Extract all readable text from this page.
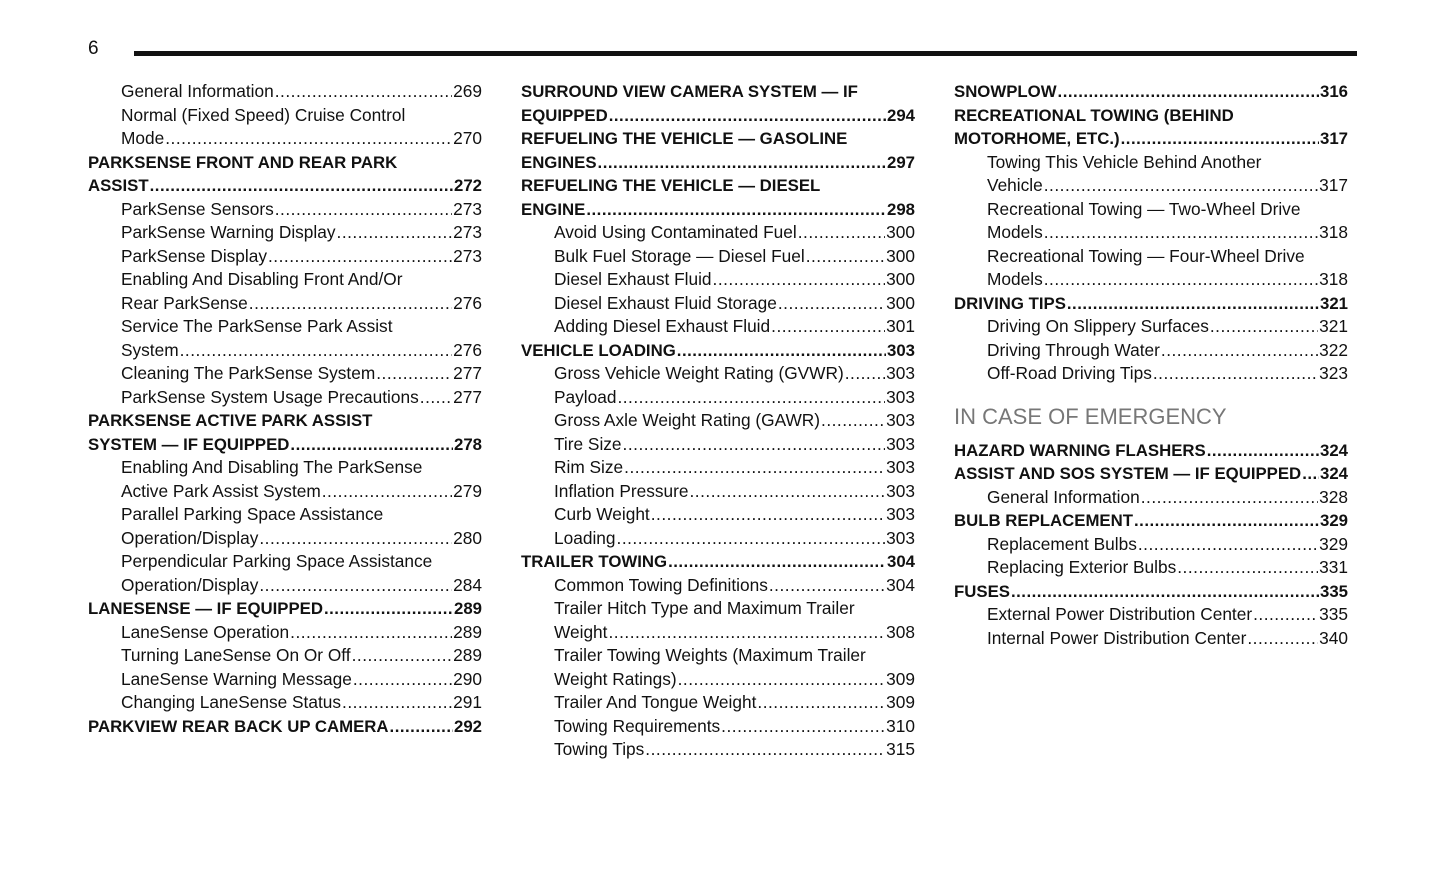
6
General Information .....	269
Normal (Fixed Speed) Cruise Control
Mode .....	270
PARKSENSE FRONT AND REAR PARK
ASSIST .....	272
ParkSense Sensors .....	273
ParkSense Warning Display .....	273
ParkSense Display .....	273
Enabling And Disabling Front And/Or
Rear ParkSense .....	276
Service The ParkSense Park Assist
System .....	276
Cleaning The ParkSense System .....	277
ParkSense System Usage Precautions ..... 277
PARKSENSE ACTIVE PARK ASSIST
SYSTEM — IF EQUIPPED .....	278
Enabling And Disabling The ParkSense
Active Park Assist System .....	279
Parallel Parking Space Assistance
Operation/Display .....	280
Perpendicular Parking Space Assistance
Operation/Display .....	284
LANESENSE — IF EQUIPPED .....	289
LaneSense Operation .....	289
Turning LaneSense On Or Off .....	289
LaneSense Warning Message .....	290
Changing LaneSense Status .....	291
PARKVIEW REAR BACK UP CAMERA .....	292
SURROUND VIEW CAMERA SYSTEM — IF
EQUIPPED .....	294
REFUELING THE VEHICLE — GASOLINE
ENGINES .....	297
REFUELING THE VEHICLE — DIESEL
ENGINE .....	298
Avoid Using Contaminated Fuel .....	300
Bulk Fuel Storage — Diesel Fuel .....	300
Diesel Exhaust Fluid .....	300
Diesel Exhaust Fluid Storage .....	300
Adding Diesel Exhaust Fluid .....	301
VEHICLE LOADING .....	303
Gross Vehicle Weight Rating (GVWR) ..... 303
Payload .....	303
Gross Axle Weight Rating (GAWR) .....	303
Tire Size .....	303
Rim Size .....	303
Inflation Pressure .....	303
Curb Weight .....	303
Loading .....	303
TRAILER TOWING .....	304
Common Towing Definitions .....	304
Trailer Hitch Type and Maximum Trailer
Weight .....	308
Trailer Towing Weights (Maximum Trailer
Weight Ratings) .....	309
Trailer And Tongue Weight .....	309
Towing Requirements .....	310
Towing Tips .....	315
SNOWPLOW .....	316
RECREATIONAL TOWING (BEHIND
MOTORHOME, ETC.) .....	317
Towing This Vehicle Behind Another
Vehicle .....	317
Recreational Towing — Two-Wheel Drive
Models .....	318
Recreational Towing — Four-Wheel Drive
Models .....	318
DRIVING TIPS .....	321
Driving On Slippery Surfaces .....	321
Driving Through Water .....	322
Off-Road Driving Tips .....	323
IN CASE OF EMERGENCY
HAZARD WARNING FLASHERS .....	324
ASSIST AND SOS SYSTEM — IF EQUIPPED ..... 324
General Information .....	328
BULB REPLACEMENT .....	329
Replacement Bulbs .....	329
Replacing Exterior Bulbs .....	331
FUSES .....	335
External Power Distribution Center .....	335
Internal Power Distribution Center .....	340
